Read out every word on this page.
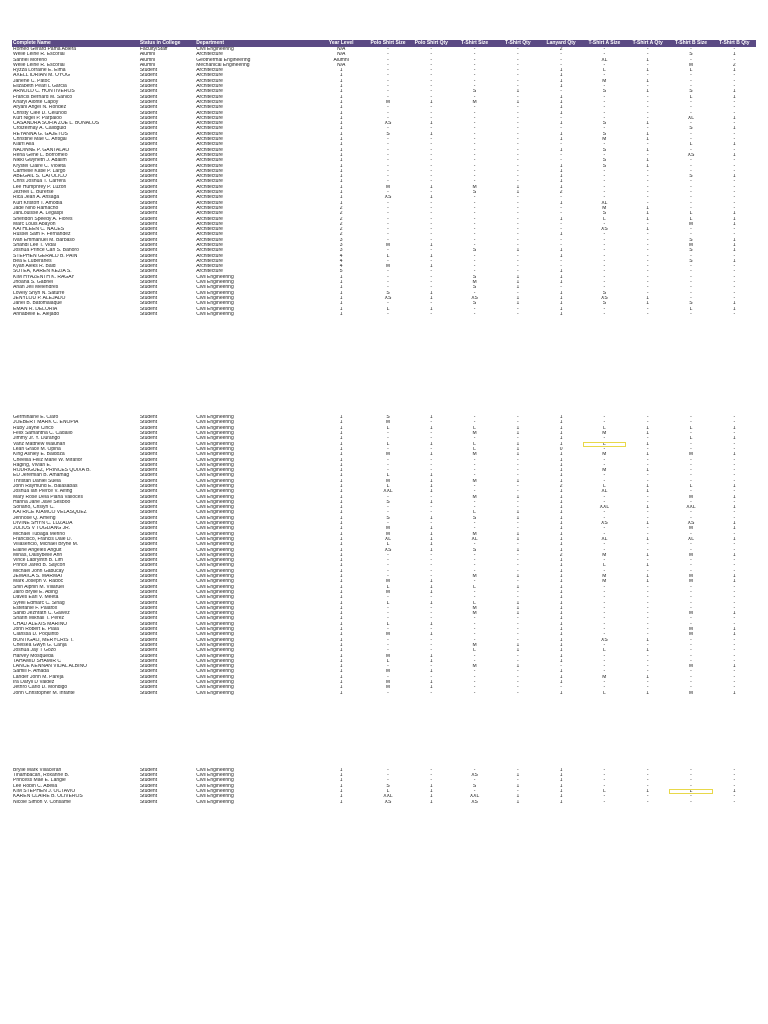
Complete Name	Status in College	Department	Year Level	Polo Shirt Size	Polo Shirt Qty	T-Shirt Size	T-Shirt Qty	Lanyard Qty	T-Shirt A Size	T-Shirt A Qty	T-Shirt B Size	T-Shirt B Qty
Romeo Gerard Pama Abiera	Faculty/Staff	Civil Engineering	N/A	-	-	-	-	2	-	-	-	-
Welle Leine R. Escorial	Alumni	Architecture	N/A	-	-	-	-	-	-	-	S	1
Sanriel Moreno	Alumni	Geothermal Engineering	Alumni	-	-	-	-	-	XL	1	-	-
Welle Leine R. Escorial	Alumni	Mechanical Engineering	N/A	-	-	-	-	-	-	-	M	2
Ryzza Lorraine E. Elma	Student	Architecture	1	-	-	-	-	1	L	1	L	1
AXELL IDRIAN M. OYOG	Student	Architecture	1	-	-	-	-	1	-	-	-	-
Janene C. Patoc	Student	Architecture	1	-	-	-	-	1	M	1	-	-
Elizabeth Pearl L Garcia	Student	Architecture	1	-	-	-	-	1	-	-	-	-
ARNOLD C. HONTIVEROS	Student	Architecture	1	-	-	S	1	-	S	1	S	1
Francis Bernard M. Sanico	Student	Architecture	1	-	-	-	-	1	-	-	L	1
Kharyl Alonte Capoy	Student	Architecture	1	M	1	M	1	1	-	-	-	-
Aryani Angel N. Rondez	Student	Architecture	1	-	-	-	-	1	-	-	-	-
Christy Clee D. Celunod	Student	Architecture	1	-	-	-	-	1	-	-	-	-
Kurt Nigel P. Parpaloo	Student	Architecture	1	-	-	-	-	-	-	-	XL	1
CASANDRA SOFIA ZUE L. BONALOS	Student	Architecture	1	XS	1	-	-	1	S	1	-	-
Croizelmay A. Calidguid	Student	Architecture	1	-	-	-	-	-	-	-	S	1
REYANNA G. GAJETOS	Student	Architecture	1	S	1	-	-	1	S	1	-	-
Christine Mae C. Antigal	Student	Architecture	1	-	-	-	-	1	M	1	-	-
Kiarri Alla	Student	Architecture	1	-	-	-	-	-	-	-	L	1
NADINNE P. GANTALAO	Student	Architecture	1	-	-	-	-	1	S	1	-	-
Rena Gene L. Borromeo	Student	Architecture	1	-	-	-	-	-	-	-	XS	1
Nikki Gwyneth J. Adalim	Student	Architecture	1	-	-	-	-	-	S	1	-	-
Krystel Claire C. Violeta	Student	Architecture	1	-	-	-	-	1	S	1	-	-
Carmelle Katie P. Largo	Student	Architecture	1	-	-	-	-	1	-	-	-	-
ABEGAIL S. CATOLICO	Student	Architecture	1	-	-	-	-	1	-	-	S	1
Chris Joshua T. Carrera	Student	Architecture	1	-	-	-	-	1	-	-	-	-
Lee Humphrey P. Luzon	Student	Architecture	1	M	1	M	1	1	-	-	-	-
Jezreel L. Burerse	Student	Architecture	1	-	-	S	1	2	-	-	-	-
Rica Jean A. Ansaga	Student	Architecture	1	XS	1	-	-	-	-	-	-	-
Kurt Kristoff T. Amodia	Student	Architecture	1	-	-	-	-	1	XL	-	-	-
Jade Niño Ramacho	Student	Architecture	2	-	-	-	-	-	M	1	-	-
JanLouisse A. Legaspi	Student	Architecture	2	-	-	-	-	-	S	1	L	1
Sheridon Speedy A. Flores	Student	Architecture	2	-	-	-	-	1	L	1	L	1
Marc Louis Abayon	Student	Architecture	2	-	-	-	-	-	-	-	M	1
KATHLEEN C. NACES	Student	Architecture	2	-	-	-	-	-	XS	1	-	-
Russel Sam F. Fernandez	Student	Architecture	2	-	-	-	-	1	-	-	-	-
Ivan Emmanuel M. Barbaso	Student	Architecture	3	-	-	-	-	-	-	-	S	1
Shandi Lee T. Vidal	Student	Architecture	3	M	1	-	-	-	-	-	M	1
Joshua Prince Carl S. Banoro	Student	Architecture	3	-	-	S	1	1	-	-	S	1
STEPHEN GERALD B. PAIN	Student	Architecture	4	L	1	-	-	1	-	-	-	-
Bea E Luberanes	Student	Architecture	4	-	-	-	-	-	-	-	S	1
Kyan Aleks R. Baid	Student	Architecture	4	M	1	-	-	-	-	-	-	-
SOTEA, KAREN KEZIA S.	Student	Architecture	5	-	-	-	-	1	-	-	-	-
KIM HYAZENTH K. RAGAY	Student	Civil Engineering	1	-	-	S	1	1	-	-	-	-
Jhoana S. Gabriel	Student	Civil Engineering	1	-	-	M	1	1	-	-	-	-
Arian Jell Melendres	Student	Civil Engineering	1	-	-	S	1	-	-	-	-	-
Lovely Shyn N. Saturre	Student	Civil Engineering	1	S	1	-	-	1	S	-	-	-
JENYLOU P. ALEJADO	Student	Civil Engineering	1	XS	1	XS	1	1	XS	1	-	-
Janel B. Batomalaque	Student	Civil Engineering	1	-	-	S	1	1	S	1	S	1
EMAN R. DELORIA	Student	Civil Engineering	1	L	1	-	-	1	-	-	L	1
Annabelle E. Alejado	Student	Civil Engineering	1	-	-	-	-	1	-	-	-	-

Germinaine E. Claro	Student	Civil Engineering	1	S	1	-	-	1	-	-	-	-
JOEBERT MARK C. ENOPIA	Student	Civil Engineering	1	M	-	-	-	1	-	-	-	-
Ruby Jayne Cinco	Student	Civil Engineering	1	L	1	L	1	1	L	1	L	1
Felix Samantha C. Cadalio	Student	Civil Engineering	1	-	-	M	1	1	M	1	-	-
Jimmy Jr. Y. Durango	Student	Civil Engineering	1	-	-	-	-	1	-	-	L	1
Vanz Matthew Waluhan	Student	Civil Engineering	1	L	1	L	1	1	L	1	-	-
Lean Grace M. Opiña	Student	Civil Engineering	1	-	-	L	1	0	-	-	-	-
King Ashley E. Baldoza	Student	Civil Engineering	1	M	1	M	1	1	M	1	M	1
Cheeilia Feliz Marie W. Mirafior	Student	Civil Engineering	1	-	-	-	-	1	-	-	-	-
Raging, Vivian E.	Student	Civil Engineering	1	-	-	-	-	1	-	-	-	-
RODRIGUEZ, PRINCES QUIXA B.	Student	Civil Engineering	1	-	-	-	-	1	M	1	-	-
ED Jeremiah B. Amamag	Student	Civil Engineering	1	L	1	-	-	1	-	-	-	-
Thristan Daniel Suela	Student	Civil Engineering	1	M	1	M	1	1	-	-	-	-
John Raymund E. Balasabas	Student	Civil Engineering	1	L	1	-	-	2	L	1	L	1
Joshua Ian Pierce V. Alfing	Student	Civil Engineering	1	XXL	1	-	-	1	XL	1	-	-
Mary Rose Dela Plana Valloces	Student	Civil Engineering	1	-	-	M	1	1	-	-	M	1
Hanna Jane Jave Sesboo	Student	Civil Engineering	1	S	1	-	-	1	-	-	-	-
Soriano, Crislyn C.	Student	Civil Engineering	1	-	-	-	-	1	XXL	1	XXL	1
KATRICE KIAMCO VELASQUEZ	Student	Civil Engineering	1	-	-	L	1	1	-	-	-	-
Jennose Q. Ameng	Student	Civil Engineering	1	S	1	S	1	1	-	-	-	-
DIVINE SHYN C. LUZADA	Student	Civil Engineering	1	-	-	-	-	1	XS	1	XS	1
JULIUS V TUGDANG JR.	Student	Civil Engineering	1	M	1	-	-	1	-	-	M	1
Michael Tubaga Meriño	Student	Civil Engineering	1	M	1	M	1	1	-	-	-	-
Francisco, Francis Dale D.	Student	Civil Engineering	1	XL	1	XL	1	1	XL	1	XL	1
Villasencio, Michael Bryne M.	Student	Civil Engineering	1	L	1	-	-	1	-	-	-	-
Elaine Angeles Anguit	Student	Civil Engineering	1	XS	1	S	1	1	-	-	-	-
Minas, Daisybelle Ann	Student	Civil Engineering	1	-	-	-	-	2	M	1	M	1
Vince Labryinth B. Lim	Student	Civil Engineering	1	-	-	-	-	1	-	-	-	-
Prince Jared B. Saycon	Student	Civil Engineering	1	-	-	-	-	1	L	1	-	-
Michael John Gabucay	Student	Civil Engineering	1	-	-	-	-	1	-	-	-	-
JEMAICA S. MARMAT	Student	Civil Engineering	1	-	-	M	1	1	M	1	M	1
Mark Joseph V. Radoc	Student	Civil Engineering	1	M	1	-	-	1	M	1	M	1
Shin Alphin M. Villaruel	Student	Civil Engineering	1	L	1	L	1	1	-	-	-	-
Jairo Brylle E. Abing	Student	Civil Engineering	1	M	1	-	-	1	-	-	-	-
Daves Earl V. Meeta	Student	Civil Engineering	1	-	-	-	-	1	-	-	-	-
Syrell Edmarc C. Sinag	Student	Civil Engineering	1	L	1	L	1	1	-	-	-	-
Estefanie F. Palafox	Student	Civil Engineering	1	-	-	M	1	1	-	-	-	-
Sahib Jezhrath C. Galvez	Student	Civil Engineering	1	-	-	M	1	1	-	-	M	1
Sharin Mikhail T. Perez	Student	Civil Engineering	1	-	-	-	-	1	-	-	-	-
CHAD ALEXIS MARIÑO	Student	Civil Engineering	1	L	1	-	-	1	-	-	-	-
John Robert E. Plala	Student	Civil Engineering	1	-	-	-	-	1	-	-	M	1
Clarissa D. Poquinto	Student	Civil Engineering	1	M	1	-	-	1	-	-	M	1
BONTIGAO, MERYCRIS T.	Student	Civil Engineering	1	-	-	-	-	1	XS	1	-	-
Chelsea Gwyn G. Canja	Student	Civil Engineering	1	-	-	M	1	1	-	-	-	-
Joshua Jay T Gozo	Student	Civil Engineering	1	-	-	L	1	1	L	1	-	-
Harvey Mosqueda	Student	Civil Engineering	1	M	1	-	-	1	-	-	-	-
TAHAMID SHAMIR C	Student	Civil Engineering	1	L	1	-	-	1	-	-	-	-
LANCE KENNAN VIDAL ALBINO	Student	Civil Engineering	1	-	-	M	1	-	-	-	M	1
Samill F. Amada	Student	Civil Engineering	1	M	1	-	-	1	-	-	-	-
Lander John M. Pareja	Student	Civil Engineering	1	-	-	-	-	1	M	1	-	-
Ira Daryll D Valdez	Student	Civil Engineering	1	M	1	-	-	1	-	-	-	-
Jethro Carlo D. Mondigo	Student	Civil Engineering	1	M	1	-	-	-	-	-	-	-
John Christopher M. Infante	Student	Civil Engineering	1	-	-	-	-	1	L	1	M	1

Brylle Mark Villaceran	Student	Civil Engineering	1	-	-	-	-	1	-	-	-	-
Tinambacan, Roxanne B.	Student	Civil Engineering	1	-	-	XS	1	1	-	-	-	-
Princess Mae E. Langie	Student	Civil Engineering	1	-	-	-	-	1	-	-	-	-
Lee Robin C. Abella	Student	Civil Engineering	1	S	1	S	1	1	-	-	-	-
KIM STEPHEN J. OCTAVIO	Student	Civil Engineering	1	L	1	-	-	1	L	1	L	1
KAREN CLAIRE B. OLIVEROS	Student	Civil Engineering	1	XXL	1	XXL	1	1	-	-	-	-
Nicole Simon V. Consame	Student	Civil Engineering	1	XS	1	XS	1	1	-	-	-	-
